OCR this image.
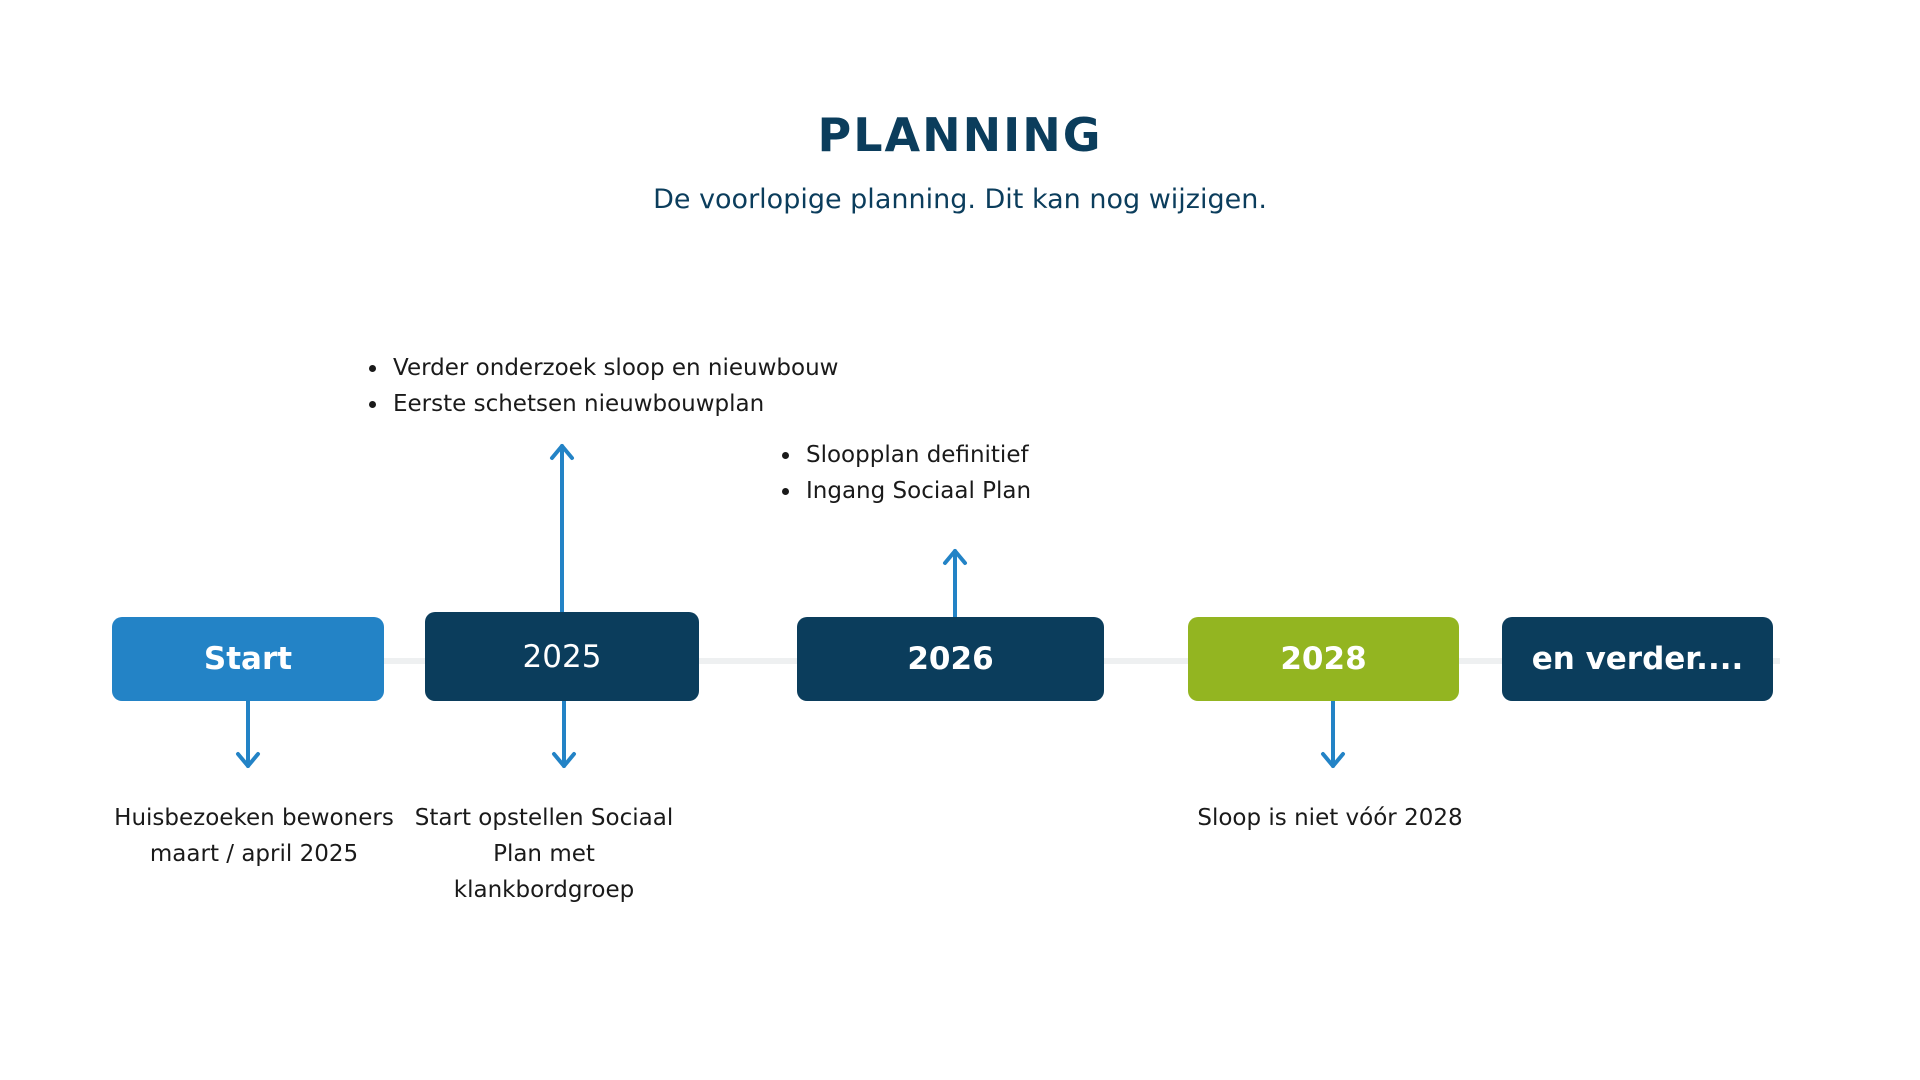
PLANNING
De voorlopige planning. Dit kan nog wijzigen.
Start	2025	2026	2028	en verder....
• Verder onderzoek sloop en nieuwbouw
• Eerste schetsen nieuwbouwplan
• Sloopplan definitief
• Ingang Sociaal Plan
Huisbezoeken bewoners maart / april 2025
Start opstellen Sociaal Plan met klankbordgroep
Sloop is niet vóór 2028
